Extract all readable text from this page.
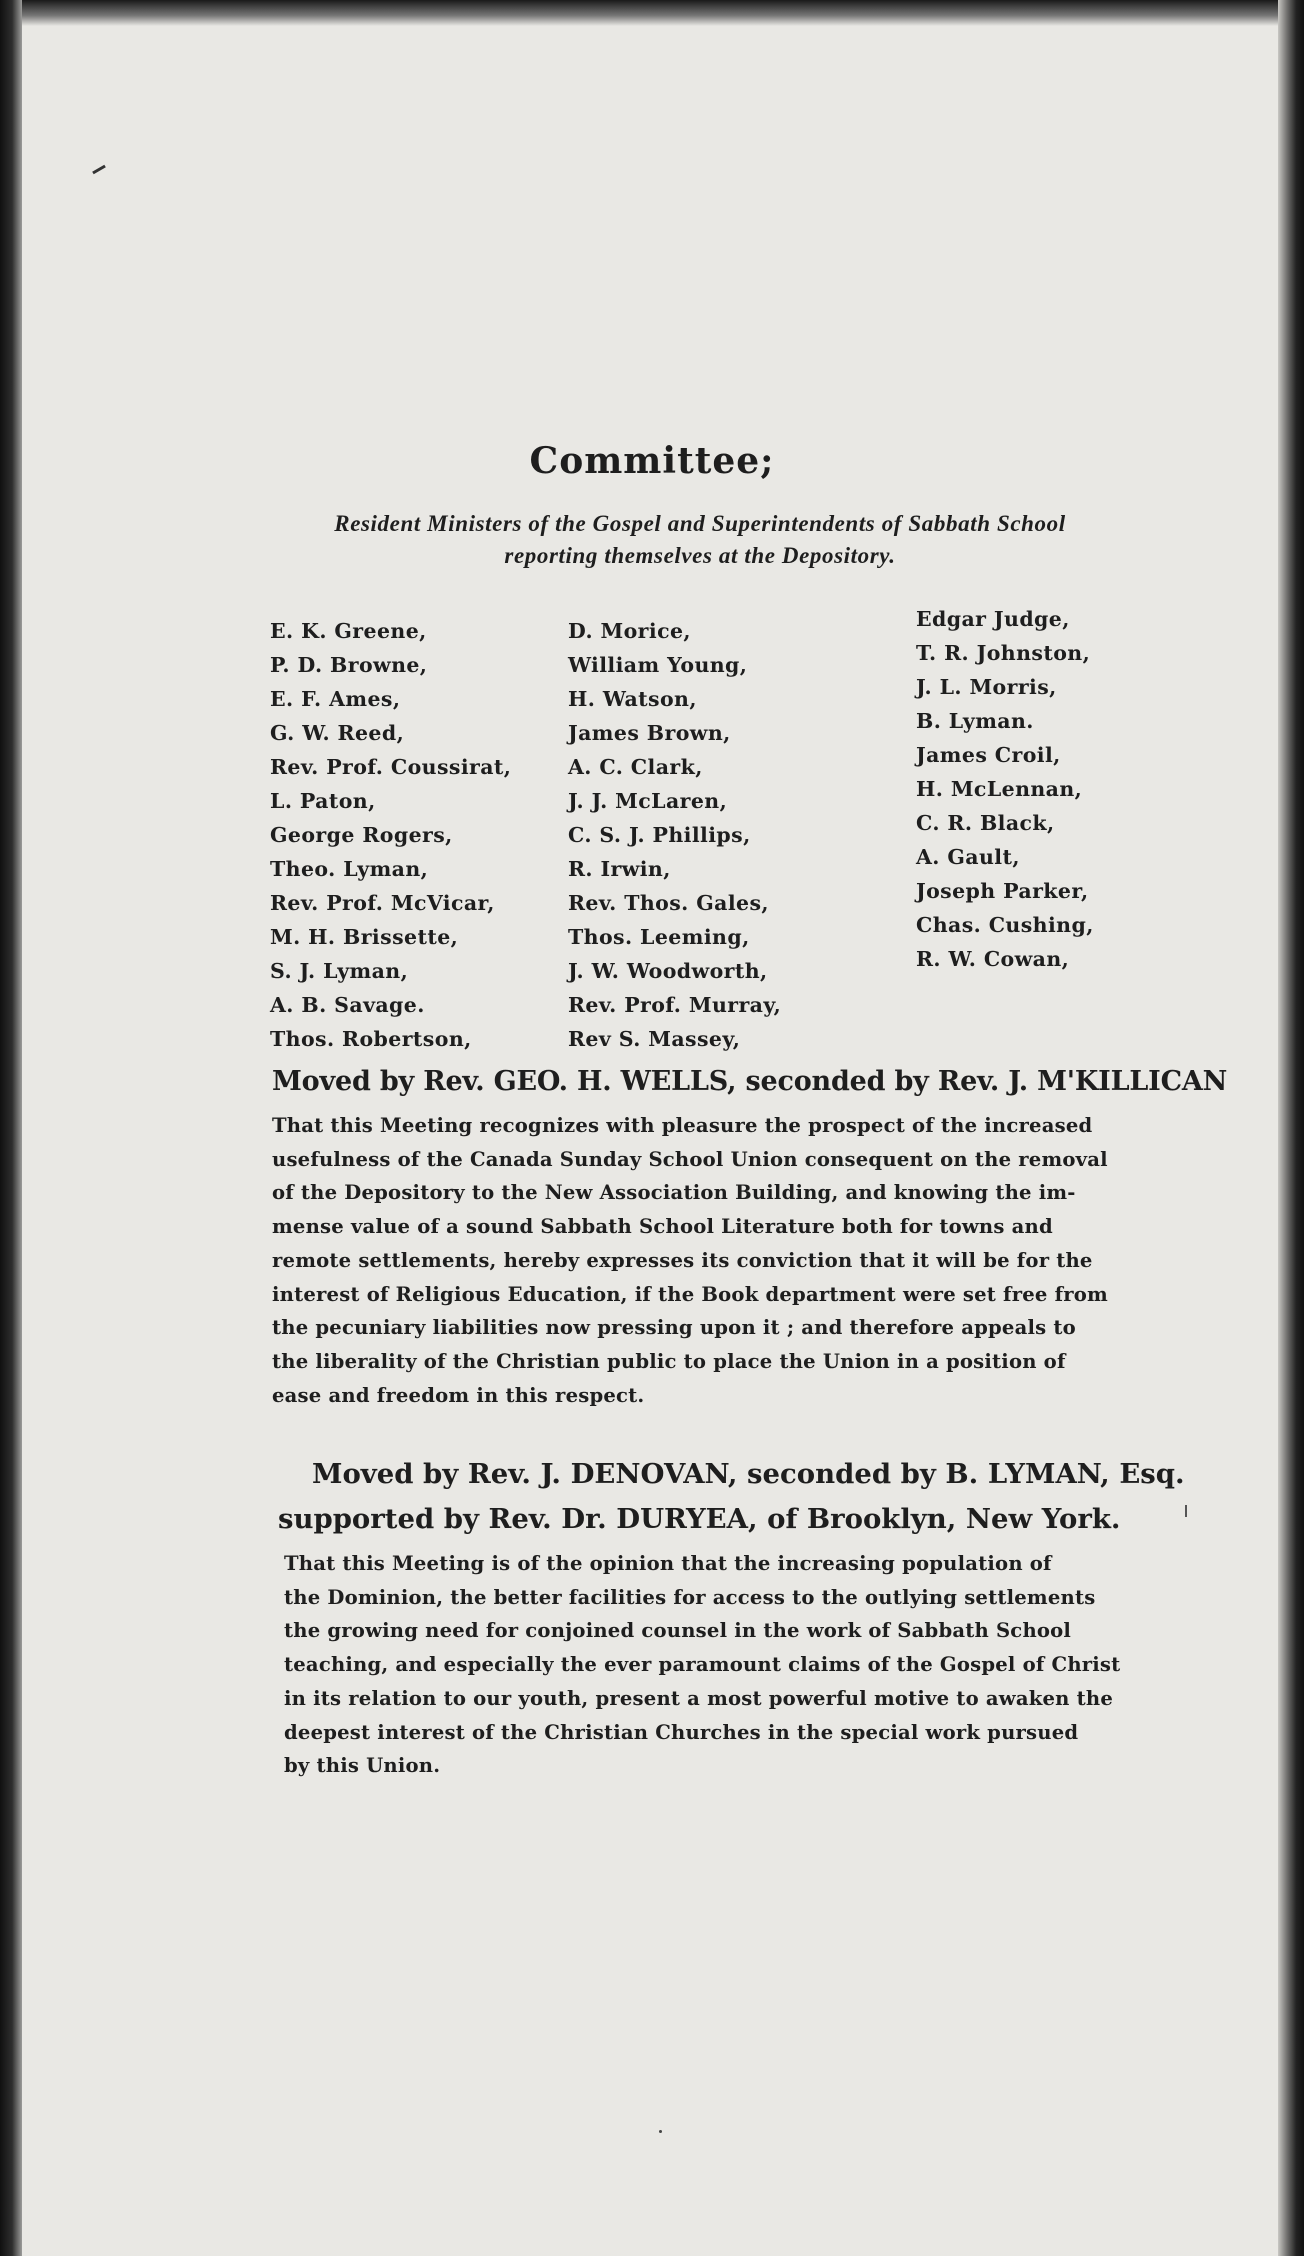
Committee;
Resident Ministers of the Gospel and Superintendents of Sabbath School
reporting themselves at the Depository.
E. K. Greene,
P. D. Browne,
E. F. Ames,
G. W. Reed,
Rev. Prof. Coussirat,
L. Paton,
George Rogers,
Theo. Lyman,
Rev. Prof. McVicar,
M. H. Brissette,
S. J. Lyman,
A. B. Savage.
Thos. Robertson,
D. Morice,
William Young,
H. Watson,
James Brown,
A. C. Clark,
J. J. McLaren,
C. S. J. Phillips,
R. Irwin,
Rev. Thos. Gales,
Thos. Leeming,
J. W. Woodworth,
Rev. Prof. Murray,
Rev S. Massey,
Edgar Judge,
T. R. Johnston,
J. L. Morris,
B. Lyman.
James Croil,
H. McLennan,
C. R. Black,
A. Gault,
Joseph Parker,
Chas. Cushing,
R. W. Cowan,
Moved by Rev. GEO. H. WELLS, seconded by Rev. J. M'KILLICAN
That this Meeting recognizes with pleasure the prospect of the increased
usefulness of the Canada Sunday School Union consequent on the removal
of the Depository to the New Association Building, and knowing the im-
mense value of a sound Sabbath School Literature both for towns and
remote settlements, hereby expresses its conviction that it will be for the
interest of Religious Education, if the Book department were set free from
the pecuniary liabilities now pressing upon it ; and therefore appeals to
the liberality of the Christian public to place the Union in a position of
ease and freedom in this respect.
Moved by Rev. J. DENOVAN, seconded by B. LYMAN, Esq.
supported by Rev. Dr. DURYEA, of Brooklyn, New York.
That this Meeting is of the opinion that the increasing population of
the Dominion, the better facilities for access to the outlying settlements
the growing need for conjoined counsel in the work of Sabbath School
teaching, and especially the ever paramount claims of the Gospel of Christ
in its relation to our youth, present a most powerful motive to awaken the
deepest interest of the Christian Churches in the special work pursued
by this Union.
